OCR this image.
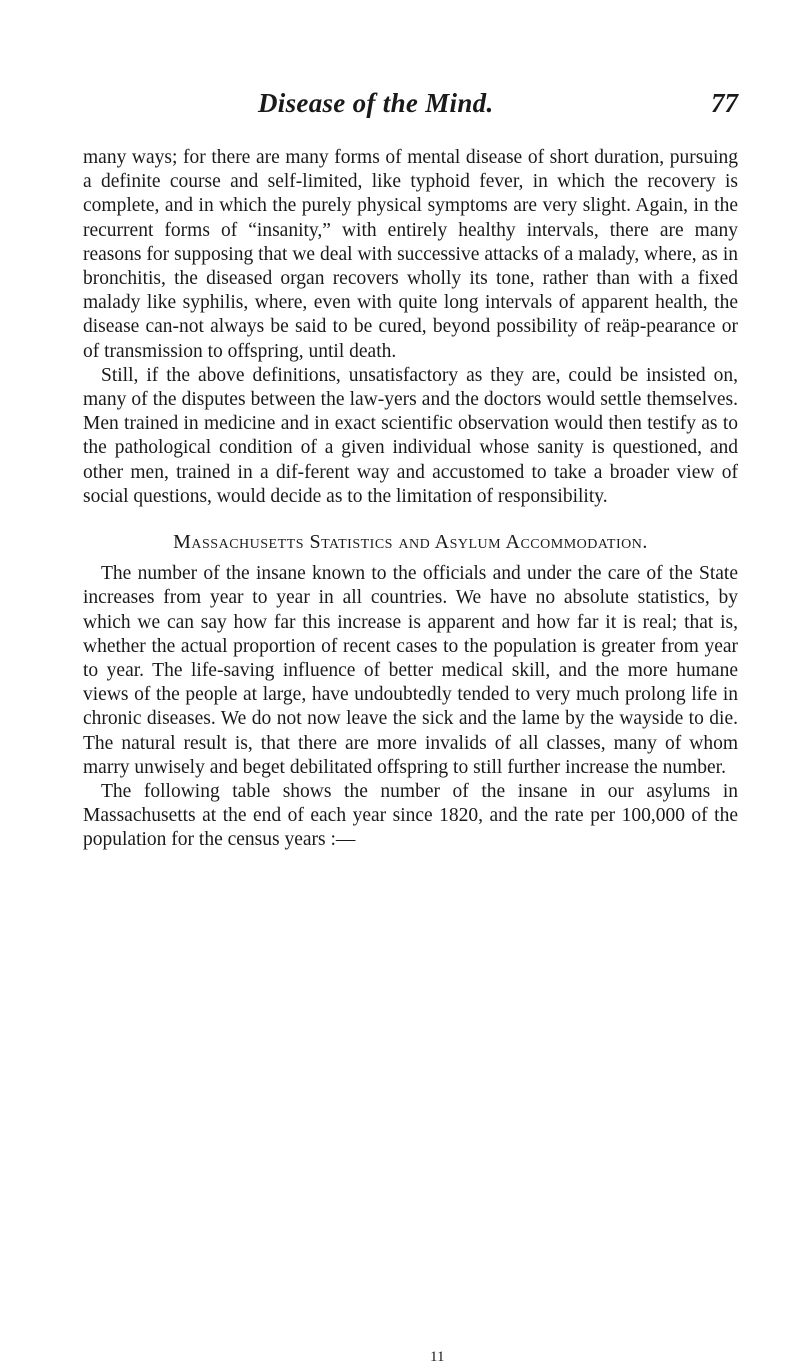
Disease of the Mind.	77

many ways; for there are many forms of mental disease of short duration, pursuing a definite course and self-limited, like typhoid fever, in which the recovery is complete, and in which the purely physical symptoms are very slight. Again, in the recurrent forms of “insanity,” with entirely healthy intervals, there are many reasons for supposing that we deal with successive attacks of a malady, where, as in bronchitis, the diseased organ recovers wholly its tone, rather than with a fixed malady like syphilis, where, even with quite long intervals of apparent health, the disease can-not always be said to be cured, beyond possibility of reäp-pearance or of transmission to offspring, until death.

Still, if the above definitions, unsatisfactory as they are, could be insisted on, many of the disputes between the law-yers and the doctors would settle themselves. Men trained in medicine and in exact scientific observation would then testify as to the pathological condition of a given individual whose sanity is questioned, and other men, trained in a dif-ferent way and accustomed to take a broader view of social questions, would decide as to the limitation of responsibility.

Massachusetts Statistics and Asylum Accommodation.

The number of the insane known to the officials and under the care of the State increases from year to year in all countries. We have no absolute statistics, by which we can say how far this increase is apparent and how far it is real; that is, whether the actual proportion of recent cases to the population is greater from year to year. The life-saving influence of better medical skill, and the more humane views of the people at large, have undoubtedly tended to very much prolong life in chronic diseases. We do not now leave the sick and the lame by the wayside to die. The natural result is, that there are more invalids of all classes, many of whom marry unwisely and beget debilitated offspring to still further increase the number.

The following table shows the number of the insane in our asylums in Massachusetts at the end of each year since 1820, and the rate per 100,000 of the population for the census years :—

11
